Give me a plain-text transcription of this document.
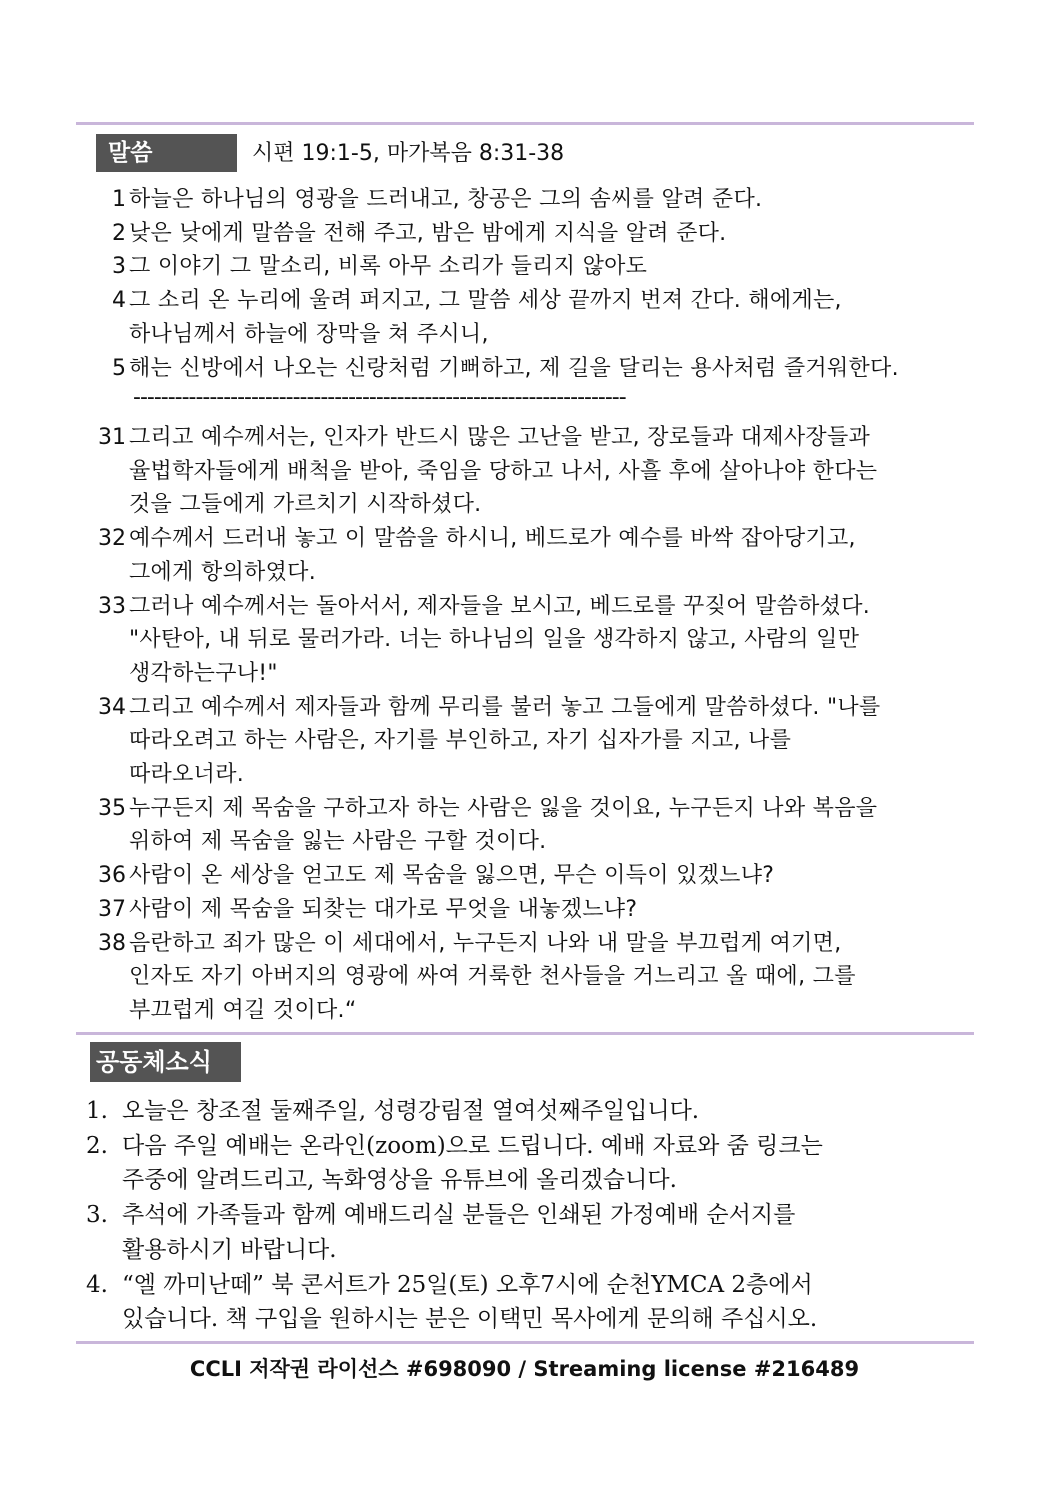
말씀	시편 19:1-5, 마가복음 8:31-38
1 하늘은 하나님의 영광을 드러내고, 창공은 그의 솜씨를 알려 준다.
2 낮은 낮에게 말씀을 전해 주고, 밤은 밤에게 지식을 알려 준다.
3 그 이야기 그 말소리, 비록 아무 소리가 들리지 않아도
4 그 소리 온 누리에 울려 퍼지고, 그 말씀 세상 끝까지 번져 간다. 해에게는,
하나님께서 하늘에 장막을 쳐 주시니,
5 해는 신방에서 나오는 신랑처럼 기뻐하고, 제 길을 달리는 용사처럼 즐거워한다.
-----------------------------------------------------------------------
31 그리고 예수께서는, 인자가 반드시 많은 고난을 받고, 장로들과 대제사장들과
율법학자들에게 배척을 받아, 죽임을 당하고 나서, 사흘 후에 살아나야 한다는
것을 그들에게 가르치기 시작하셨다.
32 예수께서 드러내 놓고 이 말씀을 하시니, 베드로가 예수를 바싹 잡아당기고,
그에게 항의하였다.
33 그러나 예수께서는 돌아서서, 제자들을 보시고, 베드로를 꾸짖어 말씀하셨다.
"사탄아, 내 뒤로 물러가라. 너는 하나님의 일을 생각하지 않고, 사람의 일만
생각하는구나!"
34 그리고 예수께서 제자들과 함께 무리를 불러 놓고 그들에게 말씀하셨다. "나를
따라오려고 하는 사람은, 자기를 부인하고, 자기 십자가를 지고, 나를
따라오너라.
35 누구든지 제 목숨을 구하고자 하는 사람은 잃을 것이요, 누구든지 나와 복음을
위하여 제 목숨을 잃는 사람은 구할 것이다.
36 사람이 온 세상을 얻고도 제 목숨을 잃으면, 무슨 이득이 있겠느냐?
37 사람이 제 목숨을 되찾는 대가로 무엇을 내놓겠느냐?
38 음란하고 죄가 많은 이 세대에서, 누구든지 나와 내 말을 부끄럽게 여기면,
인자도 자기 아버지의 영광에 싸여 거룩한 천사들을 거느리고 올 때에, 그를
부끄럽게 여길 것이다.“
공동체소식
1. 오늘은 창조절 둘째주일, 성령강림절 열여섯째주일입니다.
2. 다음 주일 예배는 온라인(zoom)으로 드립니다. 예배 자료와 줌 링크는
주중에 알려드리고, 녹화영상을 유튜브에 올리겠습니다.
3. 추석에 가족들과 함께 예배드리실 분들은 인쇄된 가정예배 순서지를
활용하시기 바랍니다.
4. “엘 까미난떼” 북 콘서트가 25일(토) 오후7시에 순천YMCA 2층에서
있습니다. 책 구입을 원하시는 분은 이택민 목사에게 문의해 주십시오.
CCLI 저작권 라이선스 #698090 / Streaming license #216489
